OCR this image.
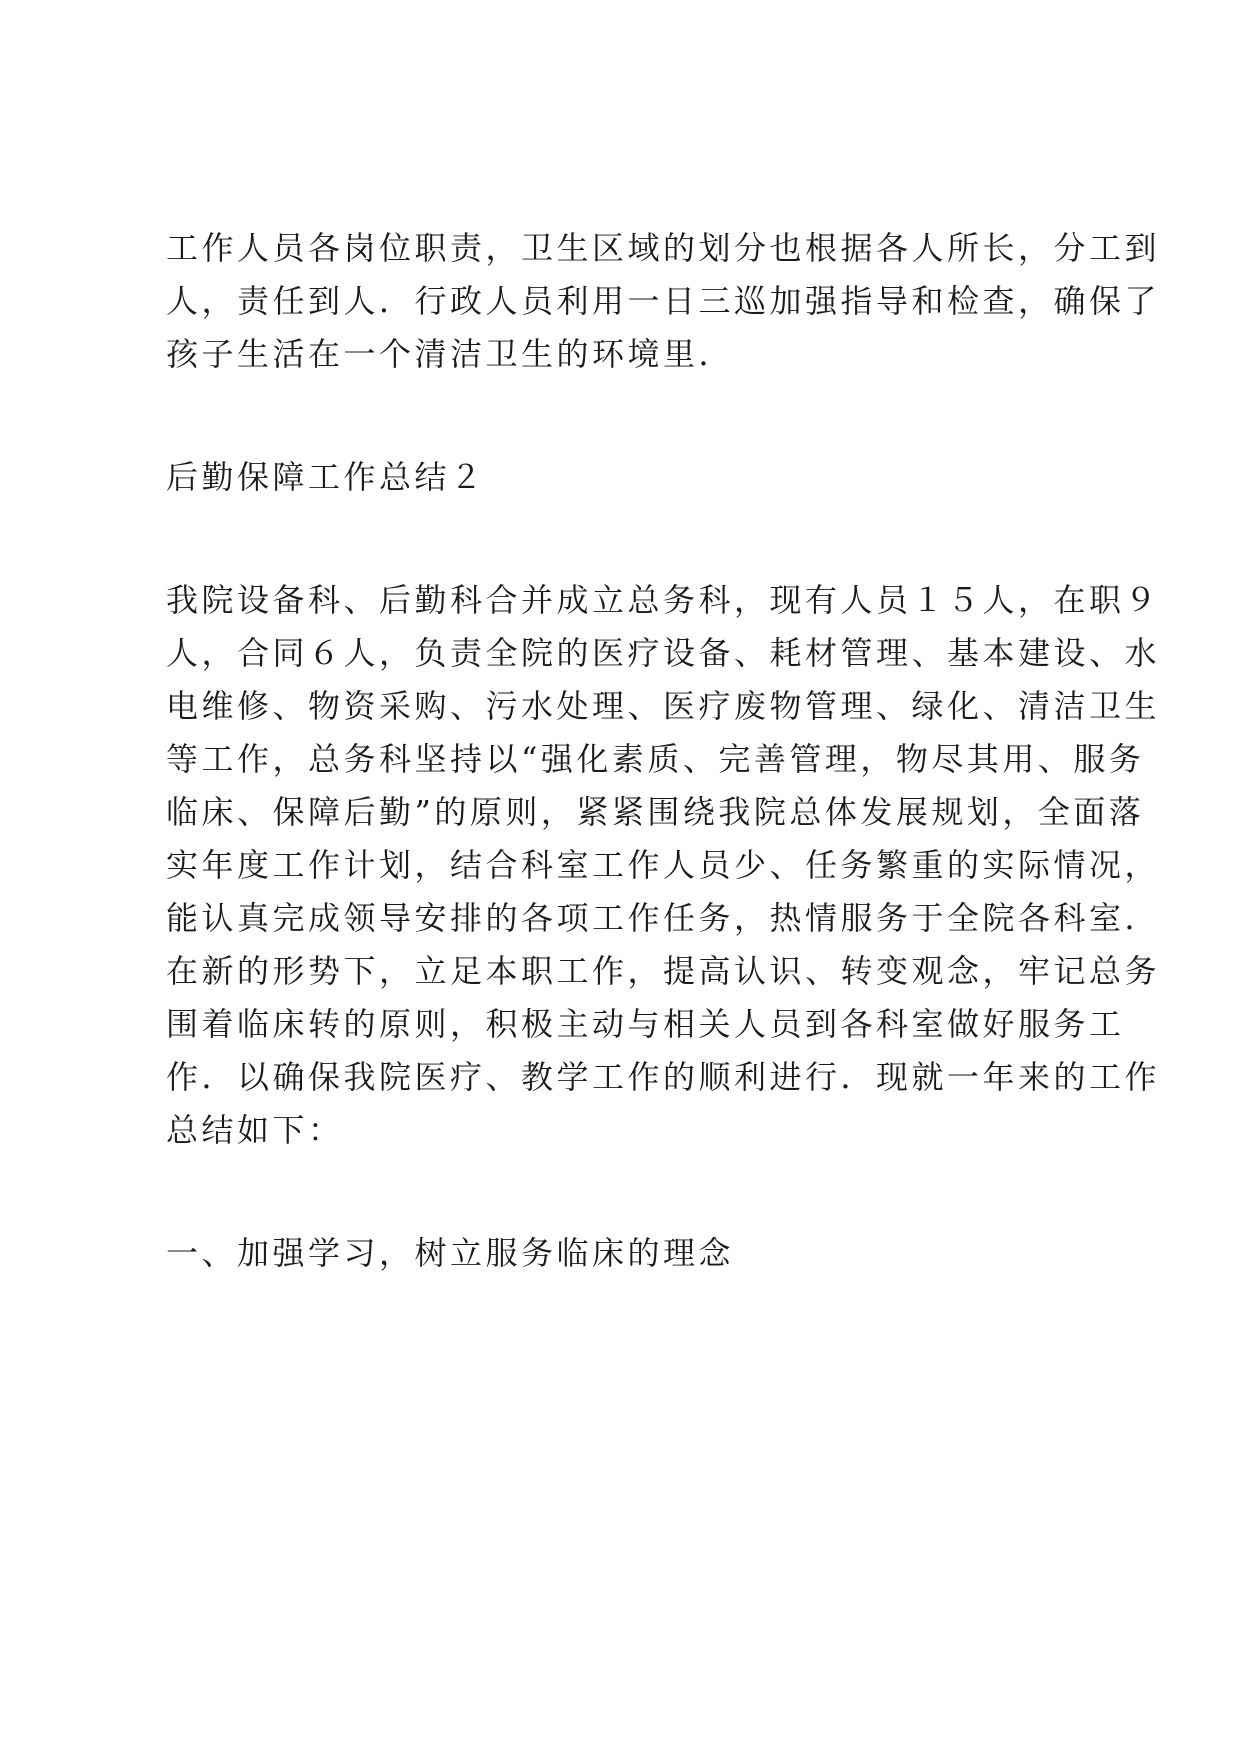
工作人员各岗位职责，卫生区域的划分也根据各人所长，分工到
人，责任到人．行政人员利用一日三巡加强指导和检查，确保了
孩子生活在一个清洁卫生的环境里．
后勤保障工作总结２
我院设备科、后勤科合并成立总务科，现有人员１５人，在职９
人，合同６人，负责全院的医疗设备、耗材管理、基本建设、水
电维修、物资采购、污水处理、医疗废物管理、绿化、清洁卫生
等工作，总务科坚持以“强化素质、完善管理，物尽其用、服务
临床、保障后勤”的原则，紧紧围绕我院总体发展规划，全面落
实年度工作计划，结合科室工作人员少、任务繁重的实际情况，
能认真完成领导安排的各项工作任务，热情服务于全院各科室．
在新的形势下，立足本职工作，提高认识、转变观念，牢记总务
围着临床转的原则，积极主动与相关人员到各科室做好服务工
作．以确保我院医疗、教学工作的顺利进行．现就一年来的工作
总结如下：
一、加强学习，树立服务临床的理念
